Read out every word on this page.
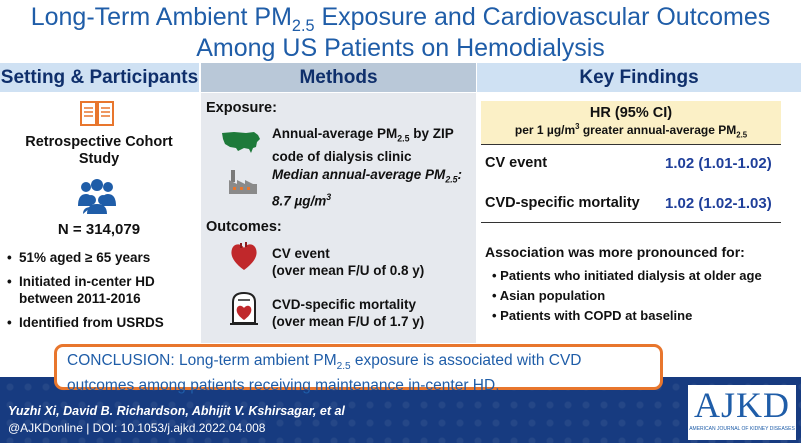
Long-Term Ambient $PM_{2.5}$ Exposure and Cardiovascular Outcomes
Among US Patients on Hemodialysis
Setting & Participants	Methods	Key Findings
Retrospective Cohort Study
N = 314,079
• 51% aged ≥ 65 years
• Initiated in-center HD between 2011-2016
• Identified from USRDS
Exposure:
Annual-average $PM_{2.5}$ by ZIP code of dialysis clinic
Median annual-average $PM_{2.5}$: 8.7 $\mu g/m^3$
Outcomes:
CV event
(over mean F/U of 0.8 y)
CVD-specific mortality
(over mean F/U of 1.7 y)
HR (95% CI)
per 1 $\mu g/m^3$ greater annual-average $PM_{2.5}$
CV event	1.02 (1.01-1.02)
CVD-specific mortality 1.02 (1.02-1.03)
Association was more pronounced for:
• Patients who initiated dialysis at older age
• Asian population
• Patients with COPD at baseline
Yuzhi Xi, David B. Richardson, Abhijit V. Kshirsagar, et al
@AJKDonline | DOI: 10.1053/j.ajkd.2022.04.008
AJKD
AMERICAN JOURNAL OF KIDNEY DISEASES
CONCLUSION: Long-term ambient $PM_{2.5}$ exposure is associated with CVD outcomes among patients receiving maintenance in-center HD.
